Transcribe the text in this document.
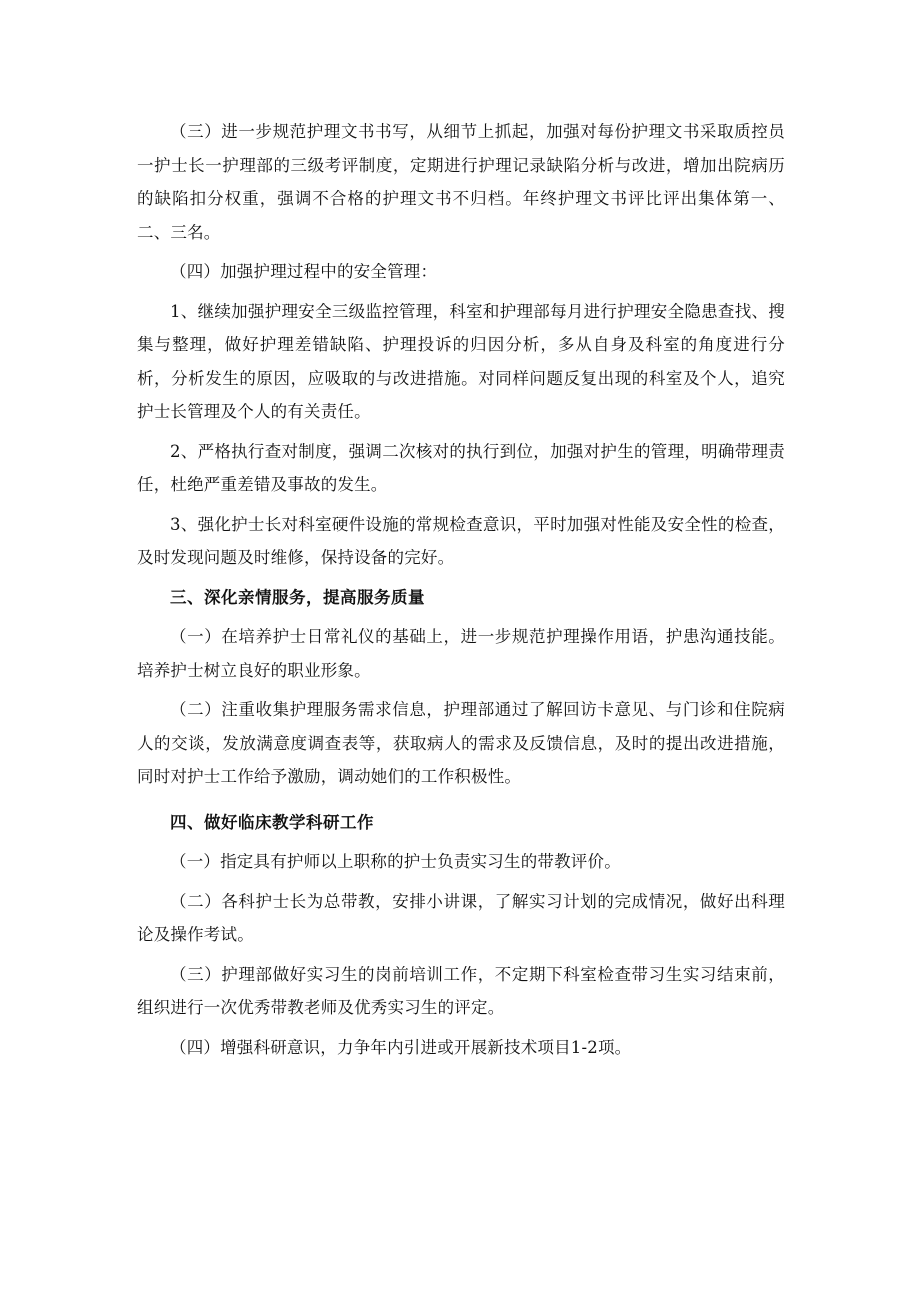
（三）进一步规范护理文书书写，从细节上抓起，加强对每份护理文书采取质控员一护士长一护理部的三级考评制度，定期进行护理记录缺陷分析与改进，增加出院病历的缺陷扣分权重，强调不合格的护理文书不归档。年终护理文书评比评出集体第一、二、三名。

（四）加强护理过程中的安全管理：

1、继续加强护理安全三级监控管理，科室和护理部每月进行护理安全隐患查找、搜集与整理，做好护理差错缺陷、护理投诉的归因分析，多从自身及科室的角度进行分析，分析发生的原因，应吸取的与改进措施。对同样问题反复出现的科室及个人，追究护士长管理及个人的有关责任。

2、严格执行查对制度，强调二次核对的执行到位，加强对护生的管理，明确带理责任，杜绝严重差错及事故的发生。

3、强化护士长对科室硬件设施的常规检查意识，平时加强对性能及安全性的检查，及时发现问题及时维修，保持设备的完好。

三、深化亲情服务，提高服务质量

（一）在培养护士日常礼仪的基础上，进一步规范护理操作用语，护患沟通技能。培养护士树立良好的职业形象。

（二）注重收集护理服务需求信息，护理部通过了解回访卡意见、与门诊和住院病人的交谈，发放满意度调查表等，获取病人的需求及反馈信息，及时的提出改进措施，同时对护士工作给予激励，调动她们的工作积极性。

四、做好临床教学科研工作

（一）指定具有护师以上职称的护士负责实习生的带教评价。

（二）各科护士长为总带教，安排小讲课，了解实习计划的完成情况，做好出科理论及操作考试。

（三）护理部做好实习生的岗前培训工作，不定期下科室检查带习生实习结束前，组织进行一次优秀带教老师及优秀实习生的评定。

（四）增强科研意识，力争年内引进或开展新技术项目1-2项。
